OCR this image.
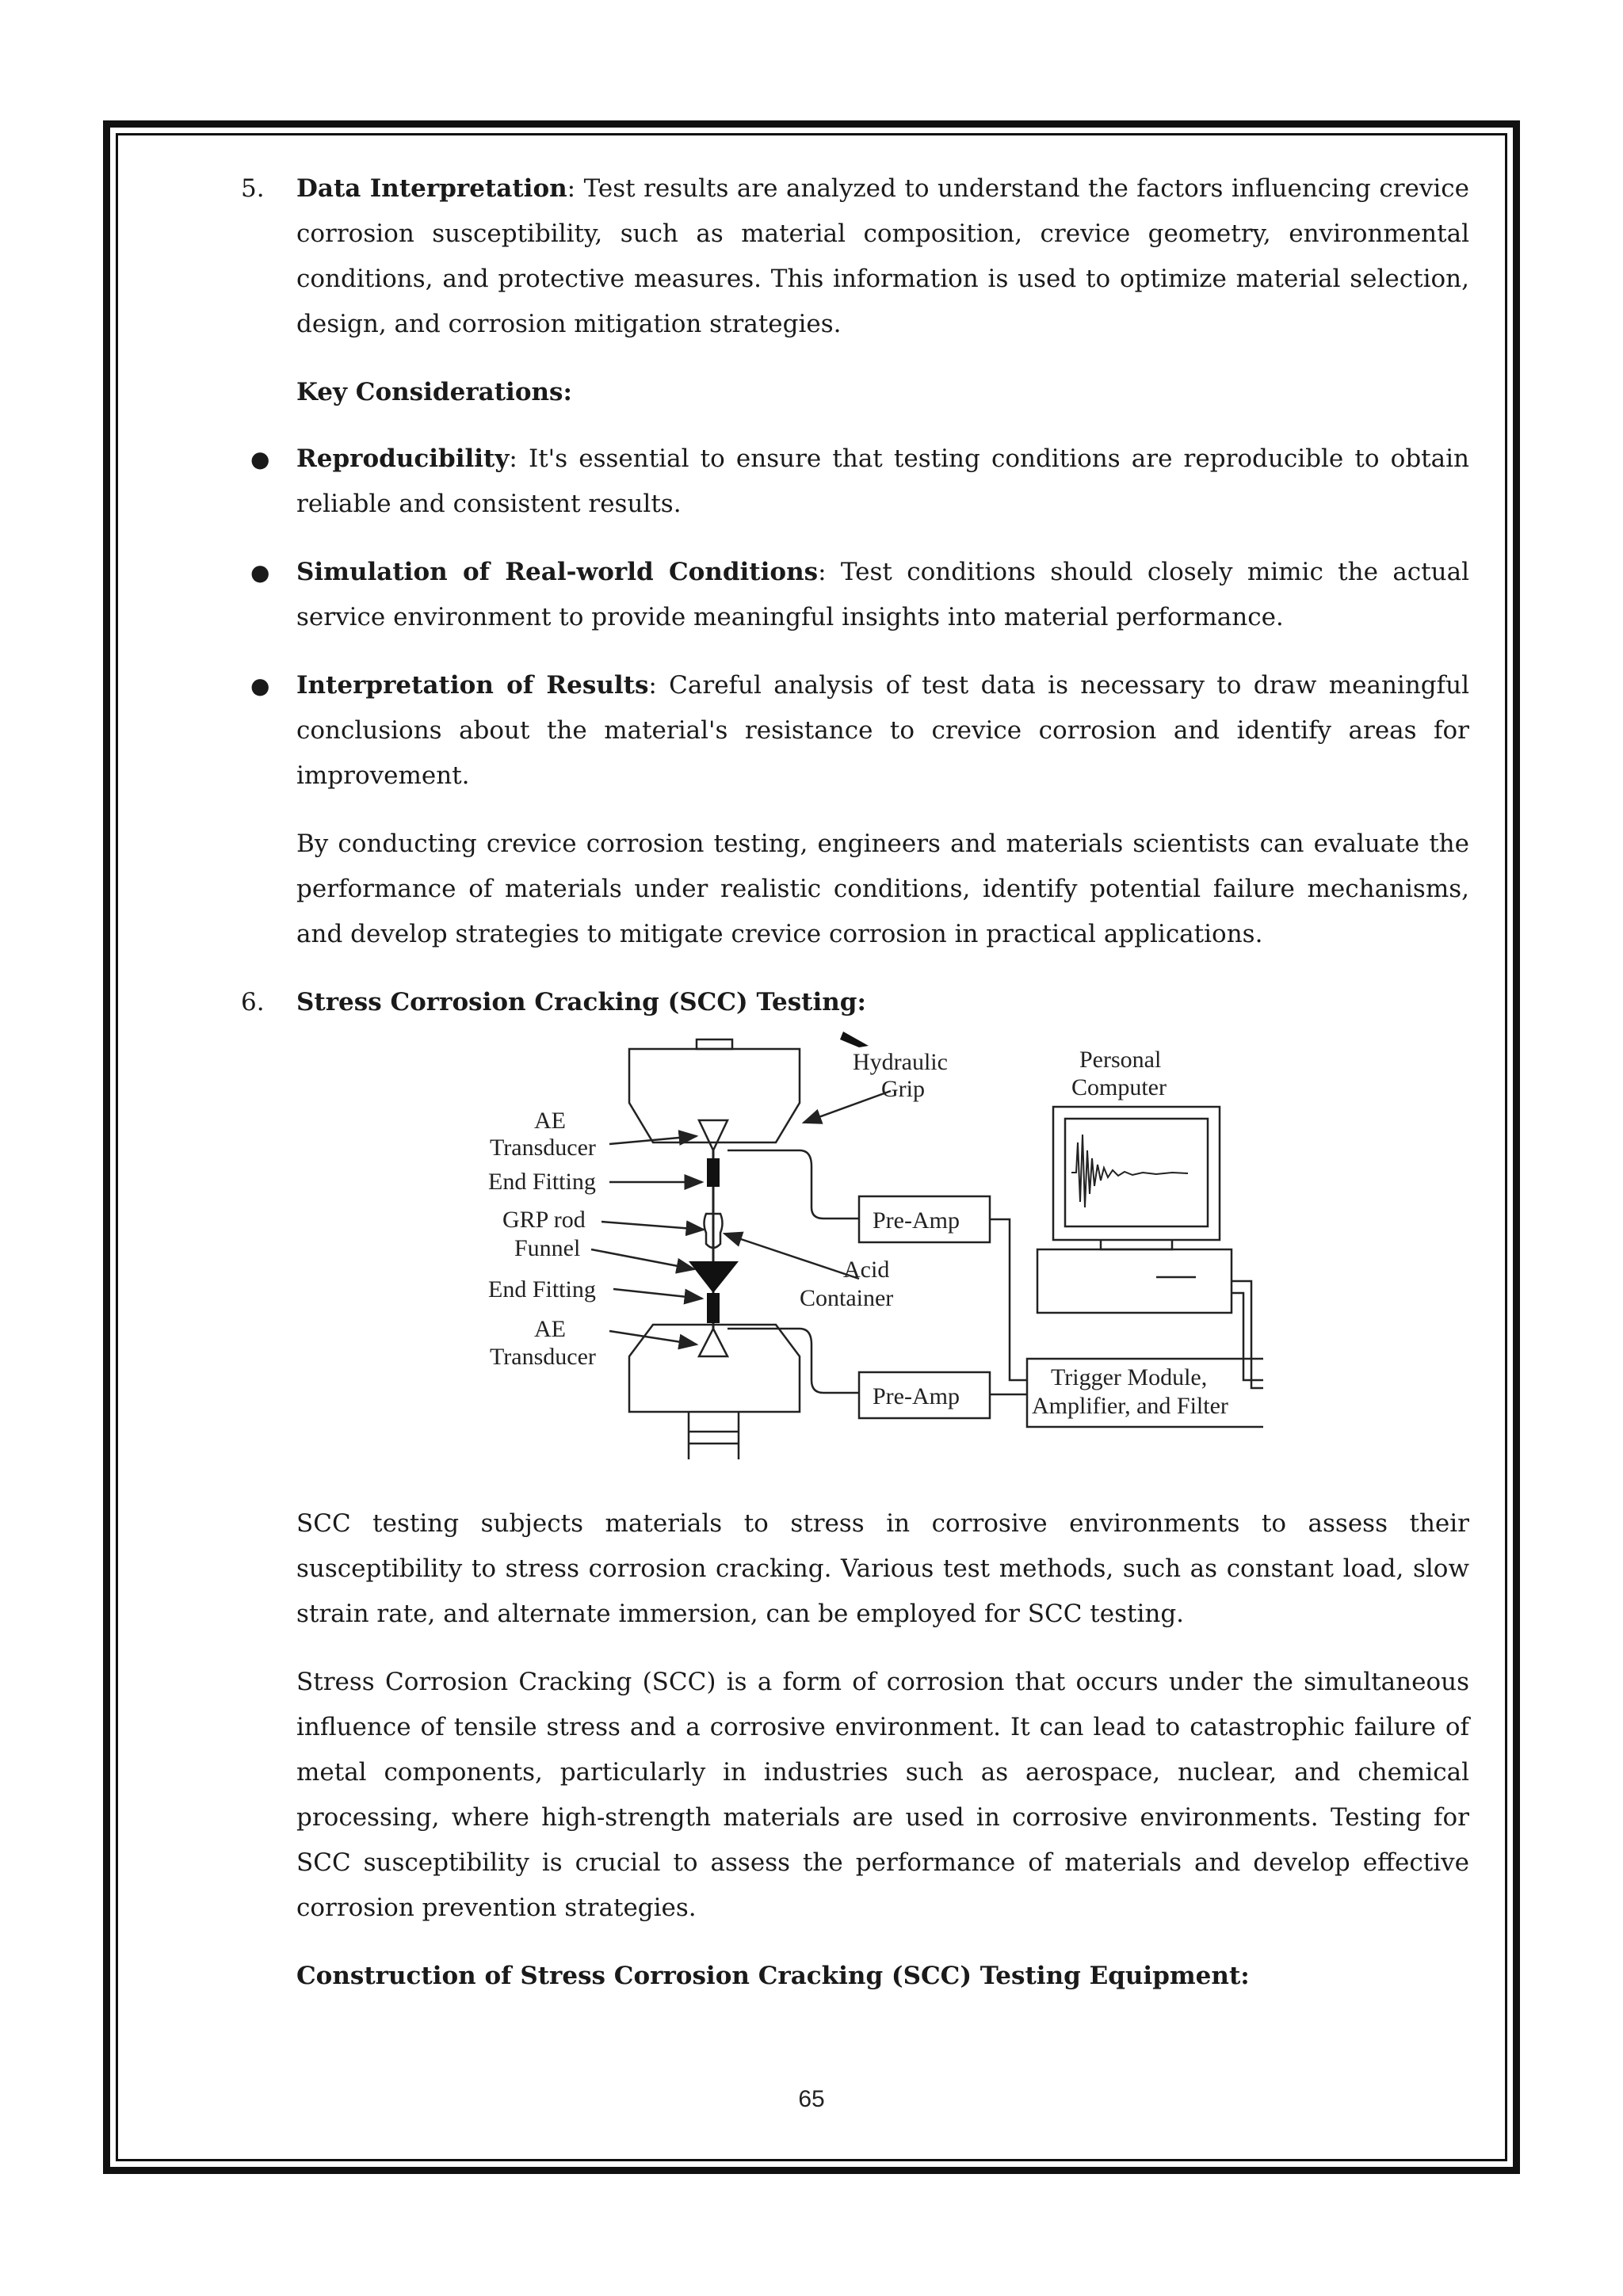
5. Data Interpretation: Test results are analyzed to understand the factors influencing crevice corrosion susceptibility, such as material composition, crevice geometry, environmental conditions, and protective measures. This information is used to optimize material selection, design, and corrosion mitigation strategies.
Key Considerations:
● Reproducibility: It's essential to ensure that testing conditions are reproducible to obtain reliable and consistent results.
● Simulation of Real-world Conditions: Test conditions should closely mimic the actual service environment to provide meaningful insights into material performance.
● Interpretation of Results: Careful analysis of test data is necessary to draw meaningful conclusions about the material's resistance to crevice corrosion and identify areas for improvement.
By conducting crevice corrosion testing, engineers and materials scientists can evaluate the performance of materials under realistic conditions, identify potential failure mechanisms, and develop strategies to mitigate crevice corrosion in practical applications.
6. Stress Corrosion Cracking (SCC) Testing:
Hydraulic
Grip
Personal
Computer
AE
Transducer
End Fitting
GRP rod
Funnel
End Fitting
AE
Transducer
Pre-Amp
Pre-Amp
Acid
Container
Trigger Module,
Amplifier, and Filter
SCC testing subjects materials to stress in corrosive environments to assess their susceptibility to stress corrosion cracking. Various test methods, such as constant load, slow strain rate, and alternate immersion, can be employed for SCC testing.
Stress Corrosion Cracking (SCC) is a form of corrosion that occurs under the simultaneous influence of tensile stress and a corrosive environment. It can lead to catastrophic failure of metal components, particularly in industries such as aerospace, nuclear, and chemical processing, where high-strength materials are used in corrosive environments. Testing for SCC susceptibility is crucial to assess the performance of materials and develop effective corrosion prevention strategies.
Construction of Stress Corrosion Cracking (SCC) Testing Equipment:
65
